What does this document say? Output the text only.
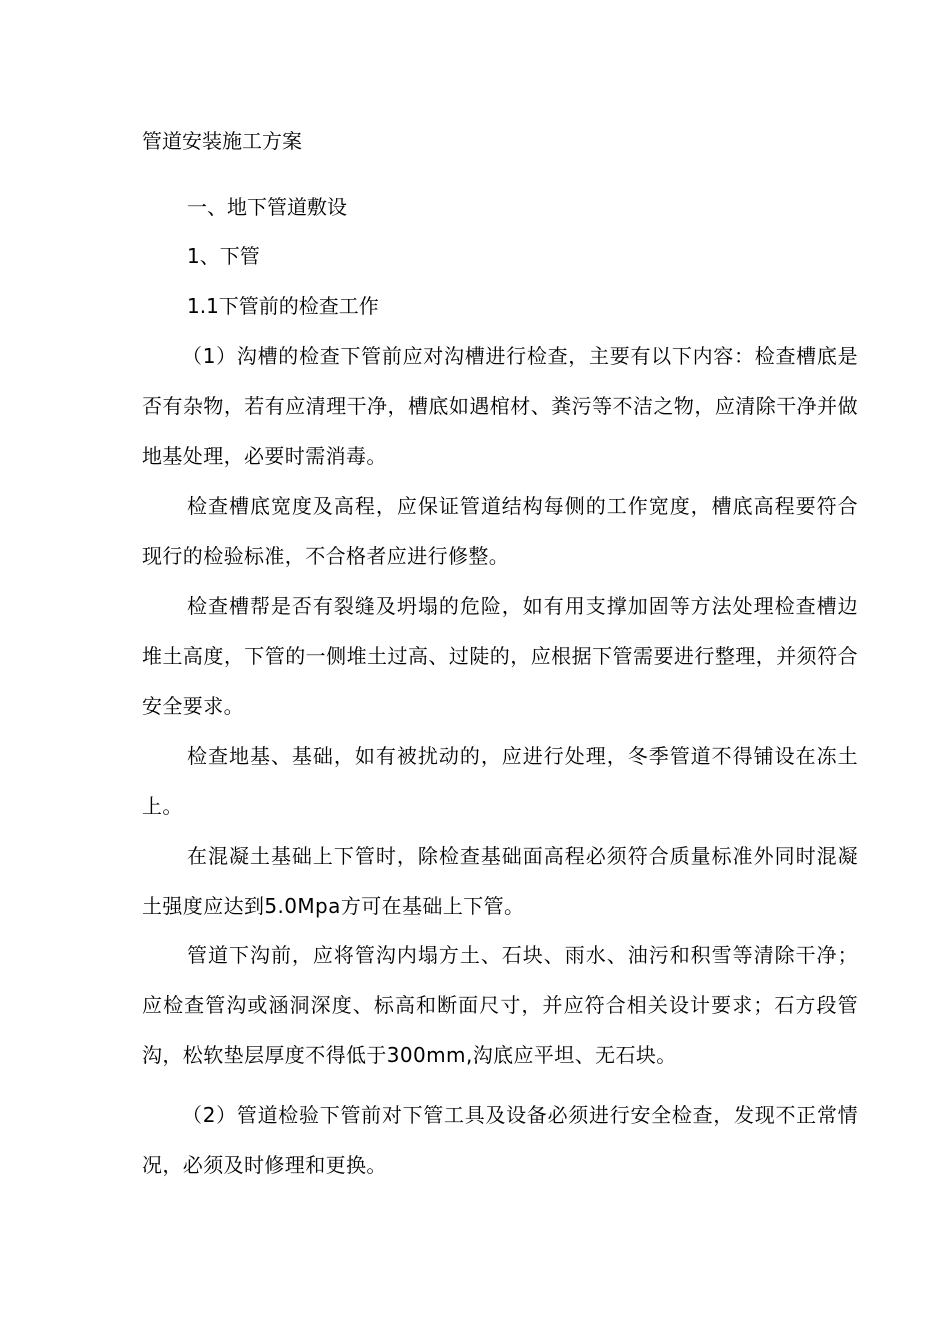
管道安装施工方案
一、地下管道敷设
1、下管
1.1下管前的检查工作

（1）沟槽的检查下管前应对沟槽进行检查，主要有以下内容：检查槽底是否有杂物，若有应清理干净，槽底如遇棺材、粪污等不洁之物，应清除干净并做地基处理，必要时需消毒。

检查槽底宽度及高程，应保证管道结构每侧的工作宽度，槽底高程要符合现行的检验标准，不合格者应进行修整。

检查槽帮是否有裂缝及坍塌的危险，如有用支撑加固等方法处理检查槽边堆土高度，下管的一侧堆土过高、过陡的，应根据下管需要进行整理，并须符合安全要求。

检查地基、基础，如有被扰动的，应进行处理，冬季管道不得铺设在冻土上。

在混凝土基础上下管时，除检查基础面高程必须符合质量标准外同时混凝土强度应达到5.0Mpa方可在基础上下管。

管道下沟前，应将管沟内塌方土、石块、雨水、油污和积雪等清除干净；应检查管沟或涵洞深度、标高和断面尺寸，并应符合相关设计要求；石方段管沟，松软垫层厚度不得低于300mm,沟底应平坦、无石块。

（2）管道检验下管前对下管工具及设备必须进行安全检查，发现不正常情况，必须及时修理和更换。
